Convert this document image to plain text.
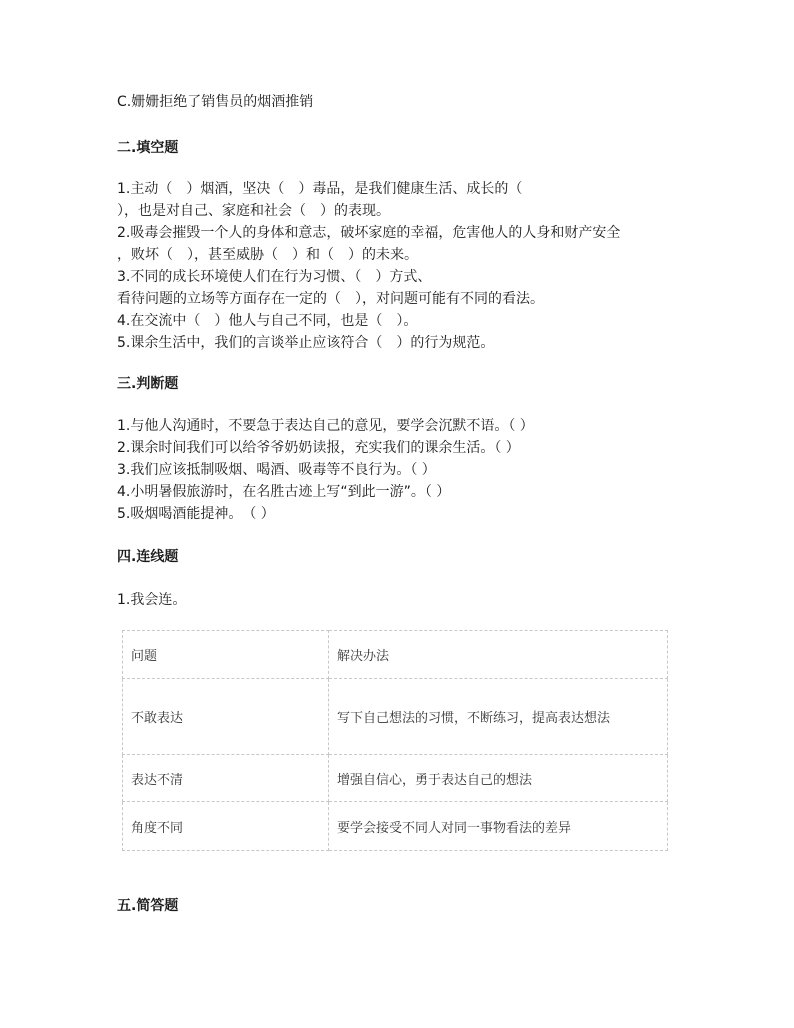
C.姗姗拒绝了销售员的烟酒推销
二.填空题
1.主动（　）烟酒，坚决（　）毒品，是我们健康生活、成长的（
），也是对自己、家庭和社会（　）的表现。
2.吸毒会摧毁一个人的身体和意志，破坏家庭的幸福，危害他人的人身和财产安全
，败坏（　），甚至威胁（　）和（　）的未来。
3.不同的成长环境使人们在行为习惯、（　）方式、
看待问题的立场等方面存在一定的（　），对问题可能有不同的看法。
4.在交流中（　）他人与自己不同，也是（　）。
5.课余生活中，我们的言谈举止应该符合（　）的行为规范。
三.判断题
1.与他人沟通时，不要急于表达自己的意见，要学会沉默不语。（ ）
2.课余时间我们可以给爷爷奶奶读报，充实我们的课余生活。（ ）
3.我们应该抵制吸烟、喝酒、吸毒等不良行为。（ ）
4.小明暑假旅游时，在名胜古迹上写“到此一游”。（ ）
5.吸烟喝酒能提神。　（ ）
四.连线题
1.我会连。
问题	解决办法
不敢表达	写下自己想法的习惯，不断练习，提高表达想法
表达不清	增强自信心，勇于表达自己的想法
角度不同	要学会接受不同人对同一事物看法的差异
五.简答题
